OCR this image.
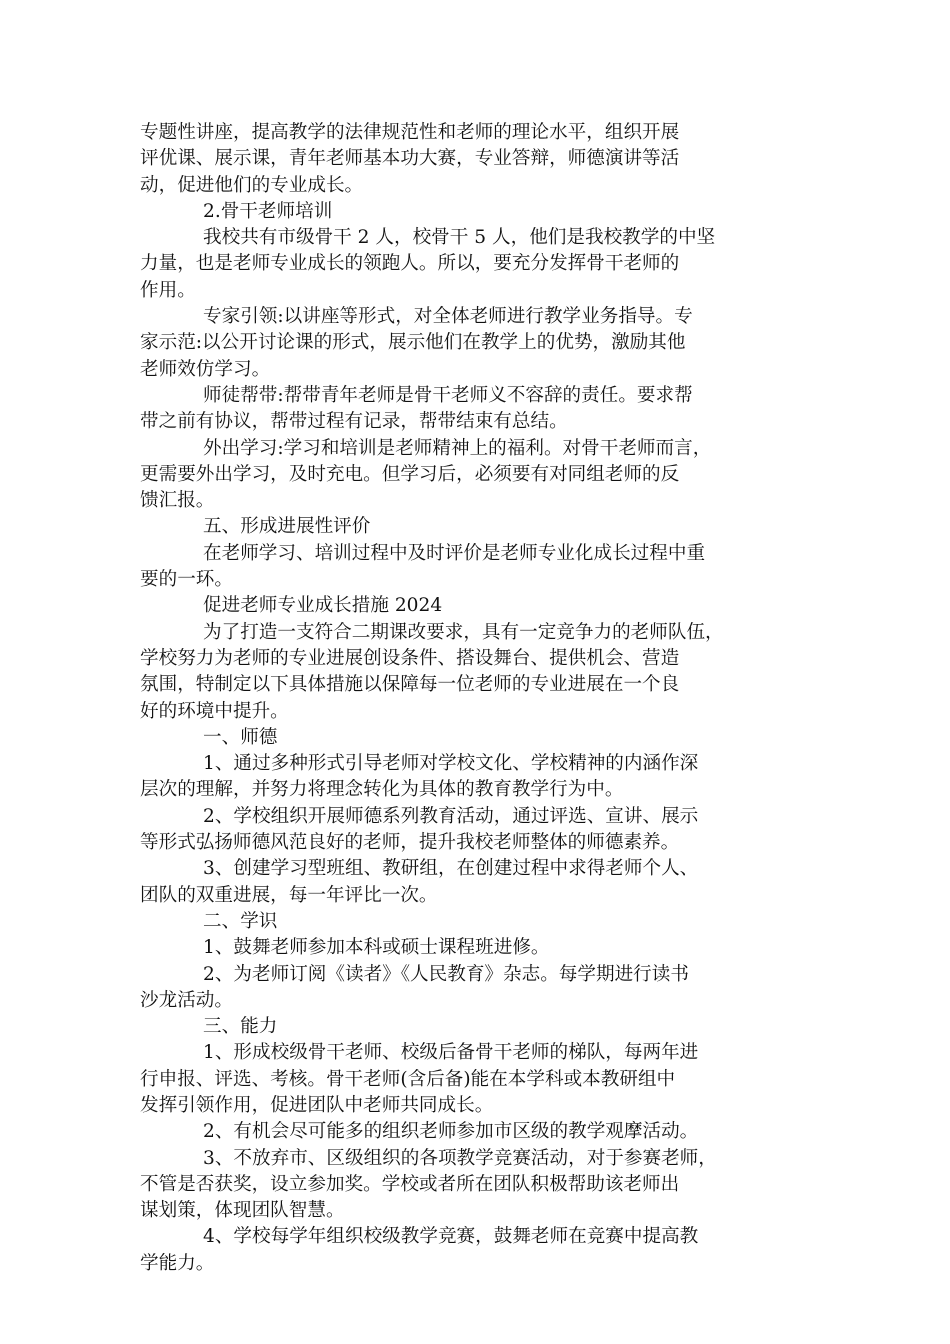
专题性讲座，提高教学的法律规范性和老师的理论水平，组织开展
评优课、展示课，青年老师基本功大赛，专业答辩，师德演讲等活
动，促进他们的专业成长。
2.骨干老师培训
我校共有市级骨干 2 人，校骨干 5 人，他们是我校教学的中坚
力量，也是老师专业成长的领跑人。所以，要充分发挥骨干老师的
作用。
专家引领:以讲座等形式，对全体老师进行教学业务指导。专
家示范:以公开讨论课的形式，展示他们在教学上的优势，激励其他
老师效仿学习。
师徒帮带:帮带青年老师是骨干老师义不容辞的责任。要求帮
带之前有协议，帮带过程有记录，帮带结束有总结。
外出学习:学习和培训是老师精神上的福利。对骨干老师而言，
更需要外出学习，及时充电。但学习后，必须要有对同组老师的反
馈汇报。
五、形成进展性评价
在老师学习、培训过程中及时评价是老师专业化成长过程中重
要的一环。
促进老师专业成长措施 2024
为了打造一支符合二期课改要求，具有一定竞争力的老师队伍，
学校努力为老师的专业进展创设条件、搭设舞台、提供机会、营造
氛围，特制定以下具体措施以保障每一位老师的专业进展在一个良
好的环境中提升。
一、师德
1、通过多种形式引导老师对学校文化、学校精神的内涵作深
层次的理解，并努力将理念转化为具体的教育教学行为中。
2、学校组织开展师德系列教育活动，通过评选、宣讲、展示
等形式弘扬师德风范良好的老师，提升我校老师整体的师德素养。
3、创建学习型班组、教研组，在创建过程中求得老师个人、
团队的双重进展，每一年评比一次。
二、学识
1、鼓舞老师参加本科或硕士课程班进修。
2、为老师订阅《读者》《人民教育》杂志。每学期进行读书
沙龙活动。
三、能力
1、形成校级骨干老师、校级后备骨干老师的梯队，每两年进
行申报、评选、考核。骨干老师(含后备)能在本学科或本教研组中
发挥引领作用，促进团队中老师共同成长。
2、有机会尽可能多的组织老师参加市区级的教学观摩活动。
3、不放弃市、区级组织的各项教学竞赛活动，对于参赛老师，
不管是否获奖，设立参加奖。学校或者所在团队积极帮助该老师出
谋划策，体现团队智慧。
4、学校每学年组织校级教学竞赛，鼓舞老师在竞赛中提高教
学能力。
